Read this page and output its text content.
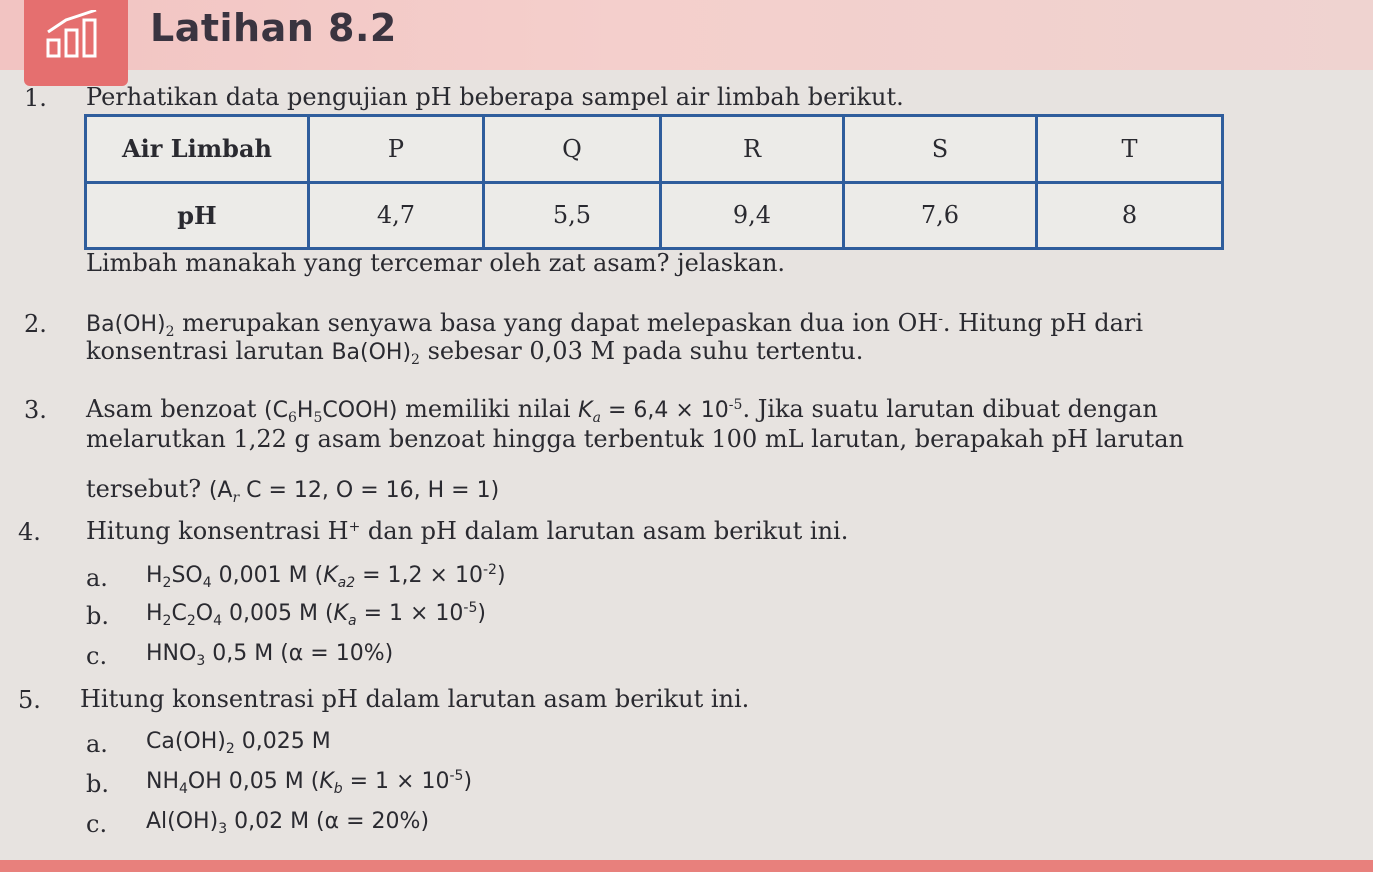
Latihan 8.2
1. Perhatikan data pengujian pH beberapa sampel air limbah berikut.
Air Limbah	P	Q	R	S	T
pH	4,7	5,5	9,4	7,6	8
Limbah manakah yang tercemar oleh zat asam? jelaskan.
2. $Ba(OH)_2$ merupakan senyawa basa yang dapat melepaskan dua ion OH-. Hitung pH dari
konsentrasi larutan $Ba(OH)_2$ sebesar 0,03 M pada suhu tertentu.
3. Asam benzoat $(C_6H_5COOH)$ memiliki nilai $K_a = 6,4 \times 10^{-5}$. Jika suatu larutan dibuat dengan
melarutkan 1,22 g asam benzoat hingga terbentuk 100 mL larutan, berapakah pH larutan
tersebut? ($A_r$ C = 12, O = 16, H = 1)
4. Hitung konsentrasi H+ dan pH dalam larutan asam berikut ini.
a. $H_2SO_4$ 0,001 M $(K_{a2} = 1,2 \times 10^{-2})$
b. $H_2C_2O_4$ 0,005 M $(K_a = 1 \times 10^{-5})$
c. $HNO_3$ 0,5 M (α = 10%)
5. Hitung konsentrasi pH dalam larutan asam berikut ini.
a. $Ca(OH)_2$ 0,025 M
b. $NH_4OH$ 0,05 M $(K_b = 1 \times 10^{-5})$
c. $Al(OH)_3$ 0,02 M (α = 20%)
